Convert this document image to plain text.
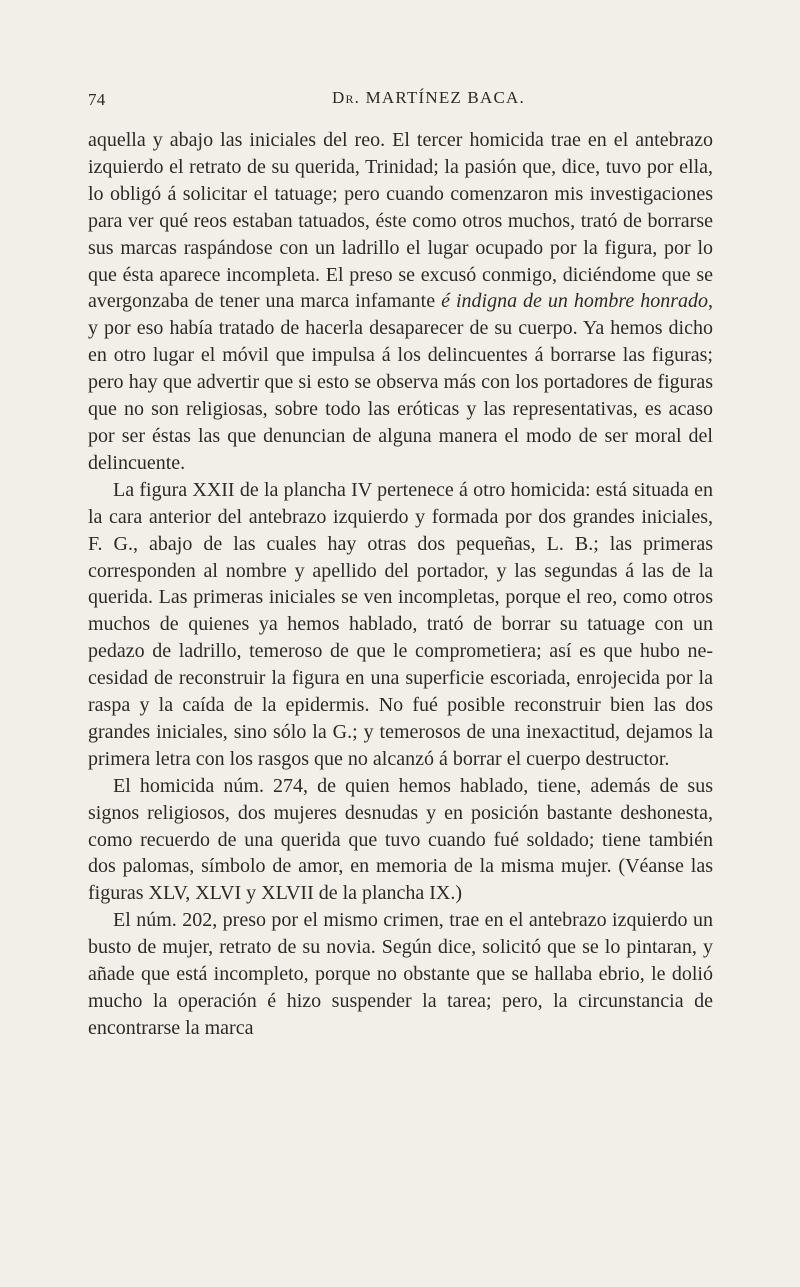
74	Dr. MARTÍNEZ BACA.

aquella y abajo las iniciales del reo. El tercer homicida trae en el antebrazo izquierdo el retrato de su querida, Trinidad; la pasión que, dice, tuvo por ella, lo obligó á solicitar el tatuage; pero cuando comenzaron mis investigaciones para ver qué reos estaban tatuados, éste como otros muchos, trató de borrarse sus marcas raspándose con un ladrillo el lugar ocupado por la figura, por lo que ésta aparece incompleta. El preso se excusó conmigo, diciéndome que se avergonzaba de tener una marca infamante é indigna de un hombre honrado, y por eso había tratado de hacerla desaparecer de su cuerpo. Ya hemos dicho en otro lugar el móvil que impulsa á los delincuentes á borrarse las figuras; pero hay que advertir que si esto se observa más con los portadores de figuras que no son religiosas, sobre todo las eróticas y las representativas, es acaso por ser éstas las que denuncian de alguna manera el modo de ser moral del delincuente.

La figura XXII de la plancha IV pertenece á otro homicida: está situada en la cara anterior del antebrazo izquierdo y formada por dos grandes iniciales, F. G., abajo de las cuales hay otras dos pequeñas, L. B.; las primeras corresponden al nombre y apellido del portador, y las segundas á las de la querida. Las primeras iniciales se ven incompletas, porque el reo, como otros muchos de quienes ya hemos hablado, trató de borrar su tatuage con un pedazo de ladrillo, temeroso de que le comprometiera; así es que hubo necesidad de reconstruir la figura en una superficie escoriada, enrojecida por la raspa y la caída de la epidermis. No fué posible reconstruir bien las dos grandes iniciales, sino sólo la G.; y temerosos de una inexactitud, dejamos la primera letra con los rasgos que no alcanzó á borrar el cuerpo destructor.

El homicida núm. 274, de quien hemos hablado, tiene, además de sus signos religiosos, dos mujeres desnudas y en posición bastante deshonesta, como recuerdo de una querida que tuvo cuando fué soldado; tiene también dos palomas, símbolo de amor, en memoria de la misma mujer. (Véanse las figuras XLV, XLVI y XLVII de la plancha IX.)

El núm. 202, preso por el mismo crimen, trae en el antebrazo izquierdo un busto de mujer, retrato de su novia. Según dice, solicitó que se lo pintaran, y añade que está incompleto, porque no obstante que se hallaba ebrio, le dolió mucho la operación é hizo suspender la tarea; pero, la circunstancia de encontrarse la marca
